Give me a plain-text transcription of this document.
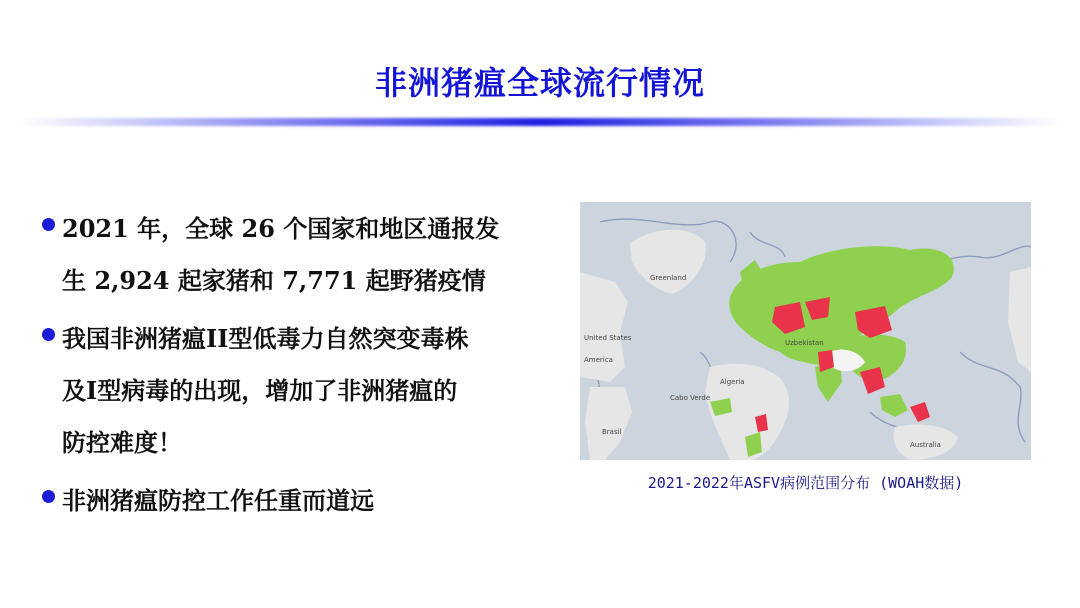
非洲猪瘟全球流行情况
2021 年，全球 26 个国家和地区通报发
生 2,924 起家猪和 7,771 起野猪疫情
我国非洲猪瘟II型低毒力自然突变毒株
及I型病毒的出现，增加了非洲猪瘟的
防控难度！
非洲猪瘟防控工作任重而道远
Greenland
United States
America
Brasil
Algeria
Cabo Verde
Uzbekistan
Australia
2021-2022年ASFV病例范围分布 (WOAH数据)
